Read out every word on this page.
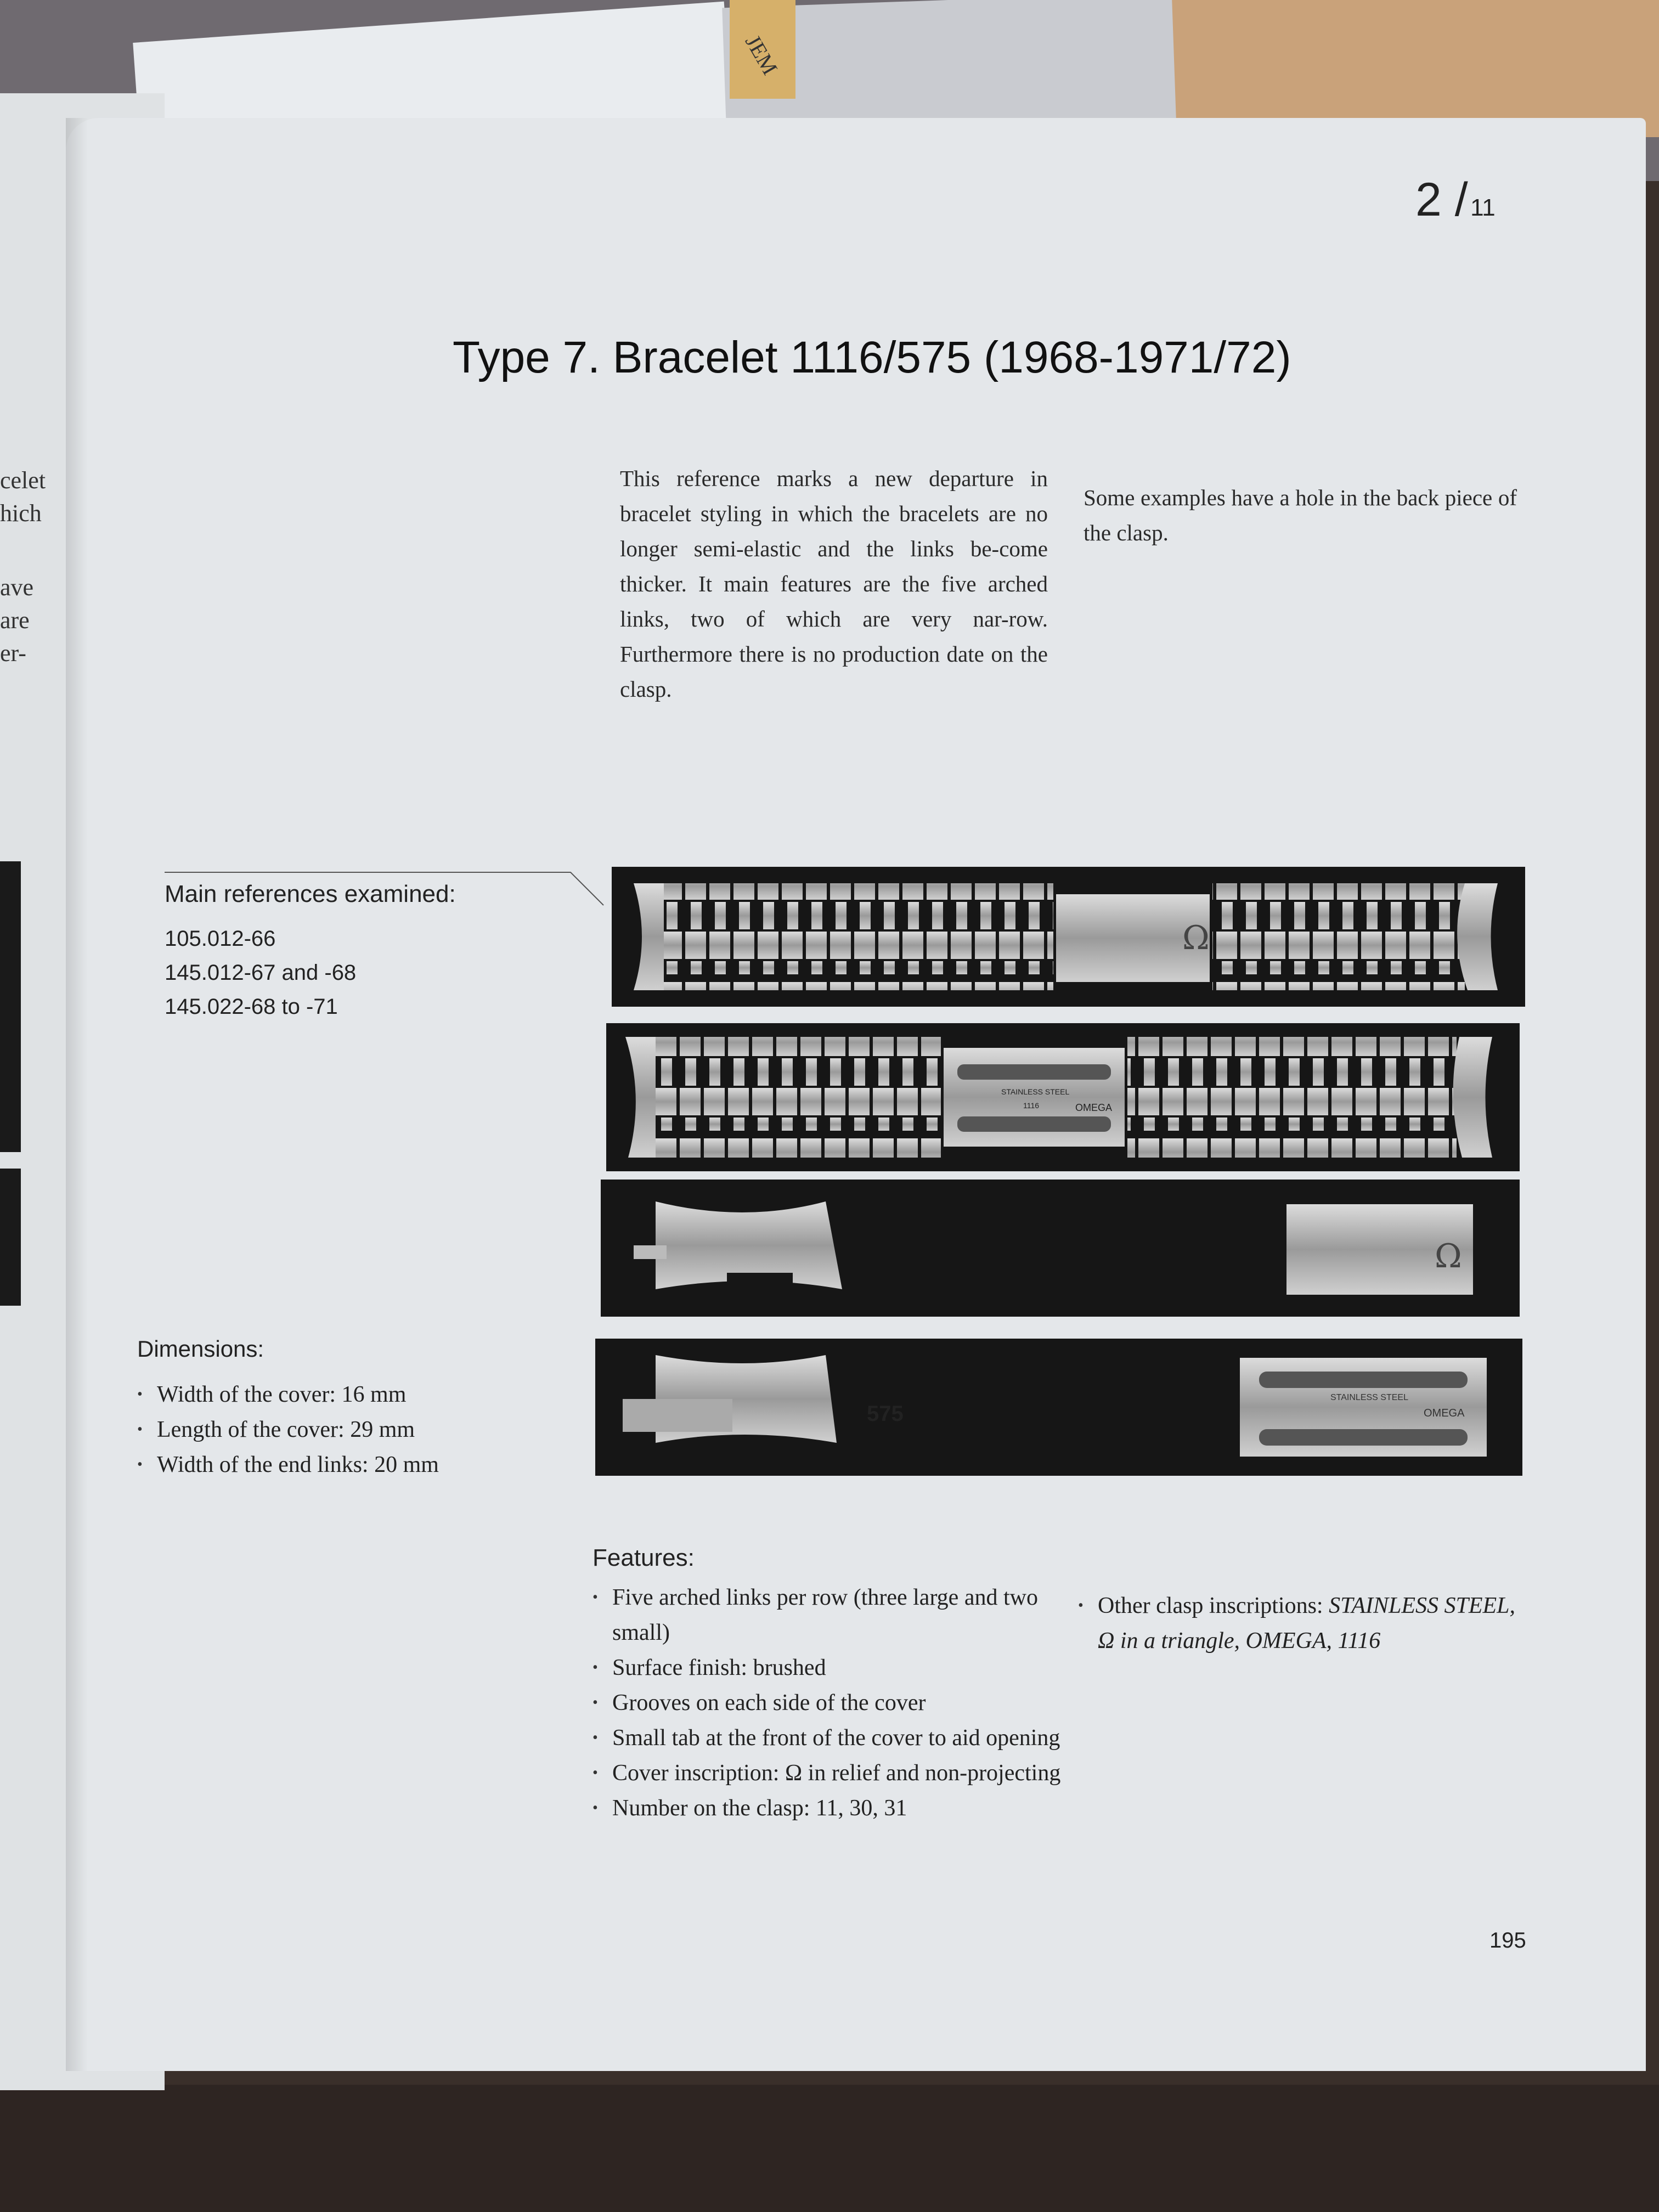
JEM
celet
hich
ave
are
er-
2 / 11
Type 7. Bracelet 1116/575 (1968-1971/72)
This reference marks a new departure in bracelet styling in which the bracelets are no longer semi-elastic and the links be-come thicker. It main features are the five arched links, two of which are very nar-row. Furthermore there is no production date on the clasp.
Some examples have a hole in the back piece of the clasp.
Main references examined:
105.012-66
145.012-67 and -68
145.022-68 to -71
Ω
STAINLESS STEEL
1116	OMEGA
Ω
575
STAINLESS STEEL
OMEGA
Dimensions:
• Width of the cover: 16 mm
• Length of the cover: 29 mm
• Width of the end links: 20 mm
Features:
• Five arched links per row (three large and two small)
• Surface finish: brushed
• Grooves on each side of the cover
• Small tab at the front of the cover to aid opening
• Cover inscription: Ω in relief and non-projecting
• Number on the clasp: 11, 30, 31
• Other clasp inscriptions: STAINLESS STEEL, Ω in a triangle, OMEGA, 1116
195
